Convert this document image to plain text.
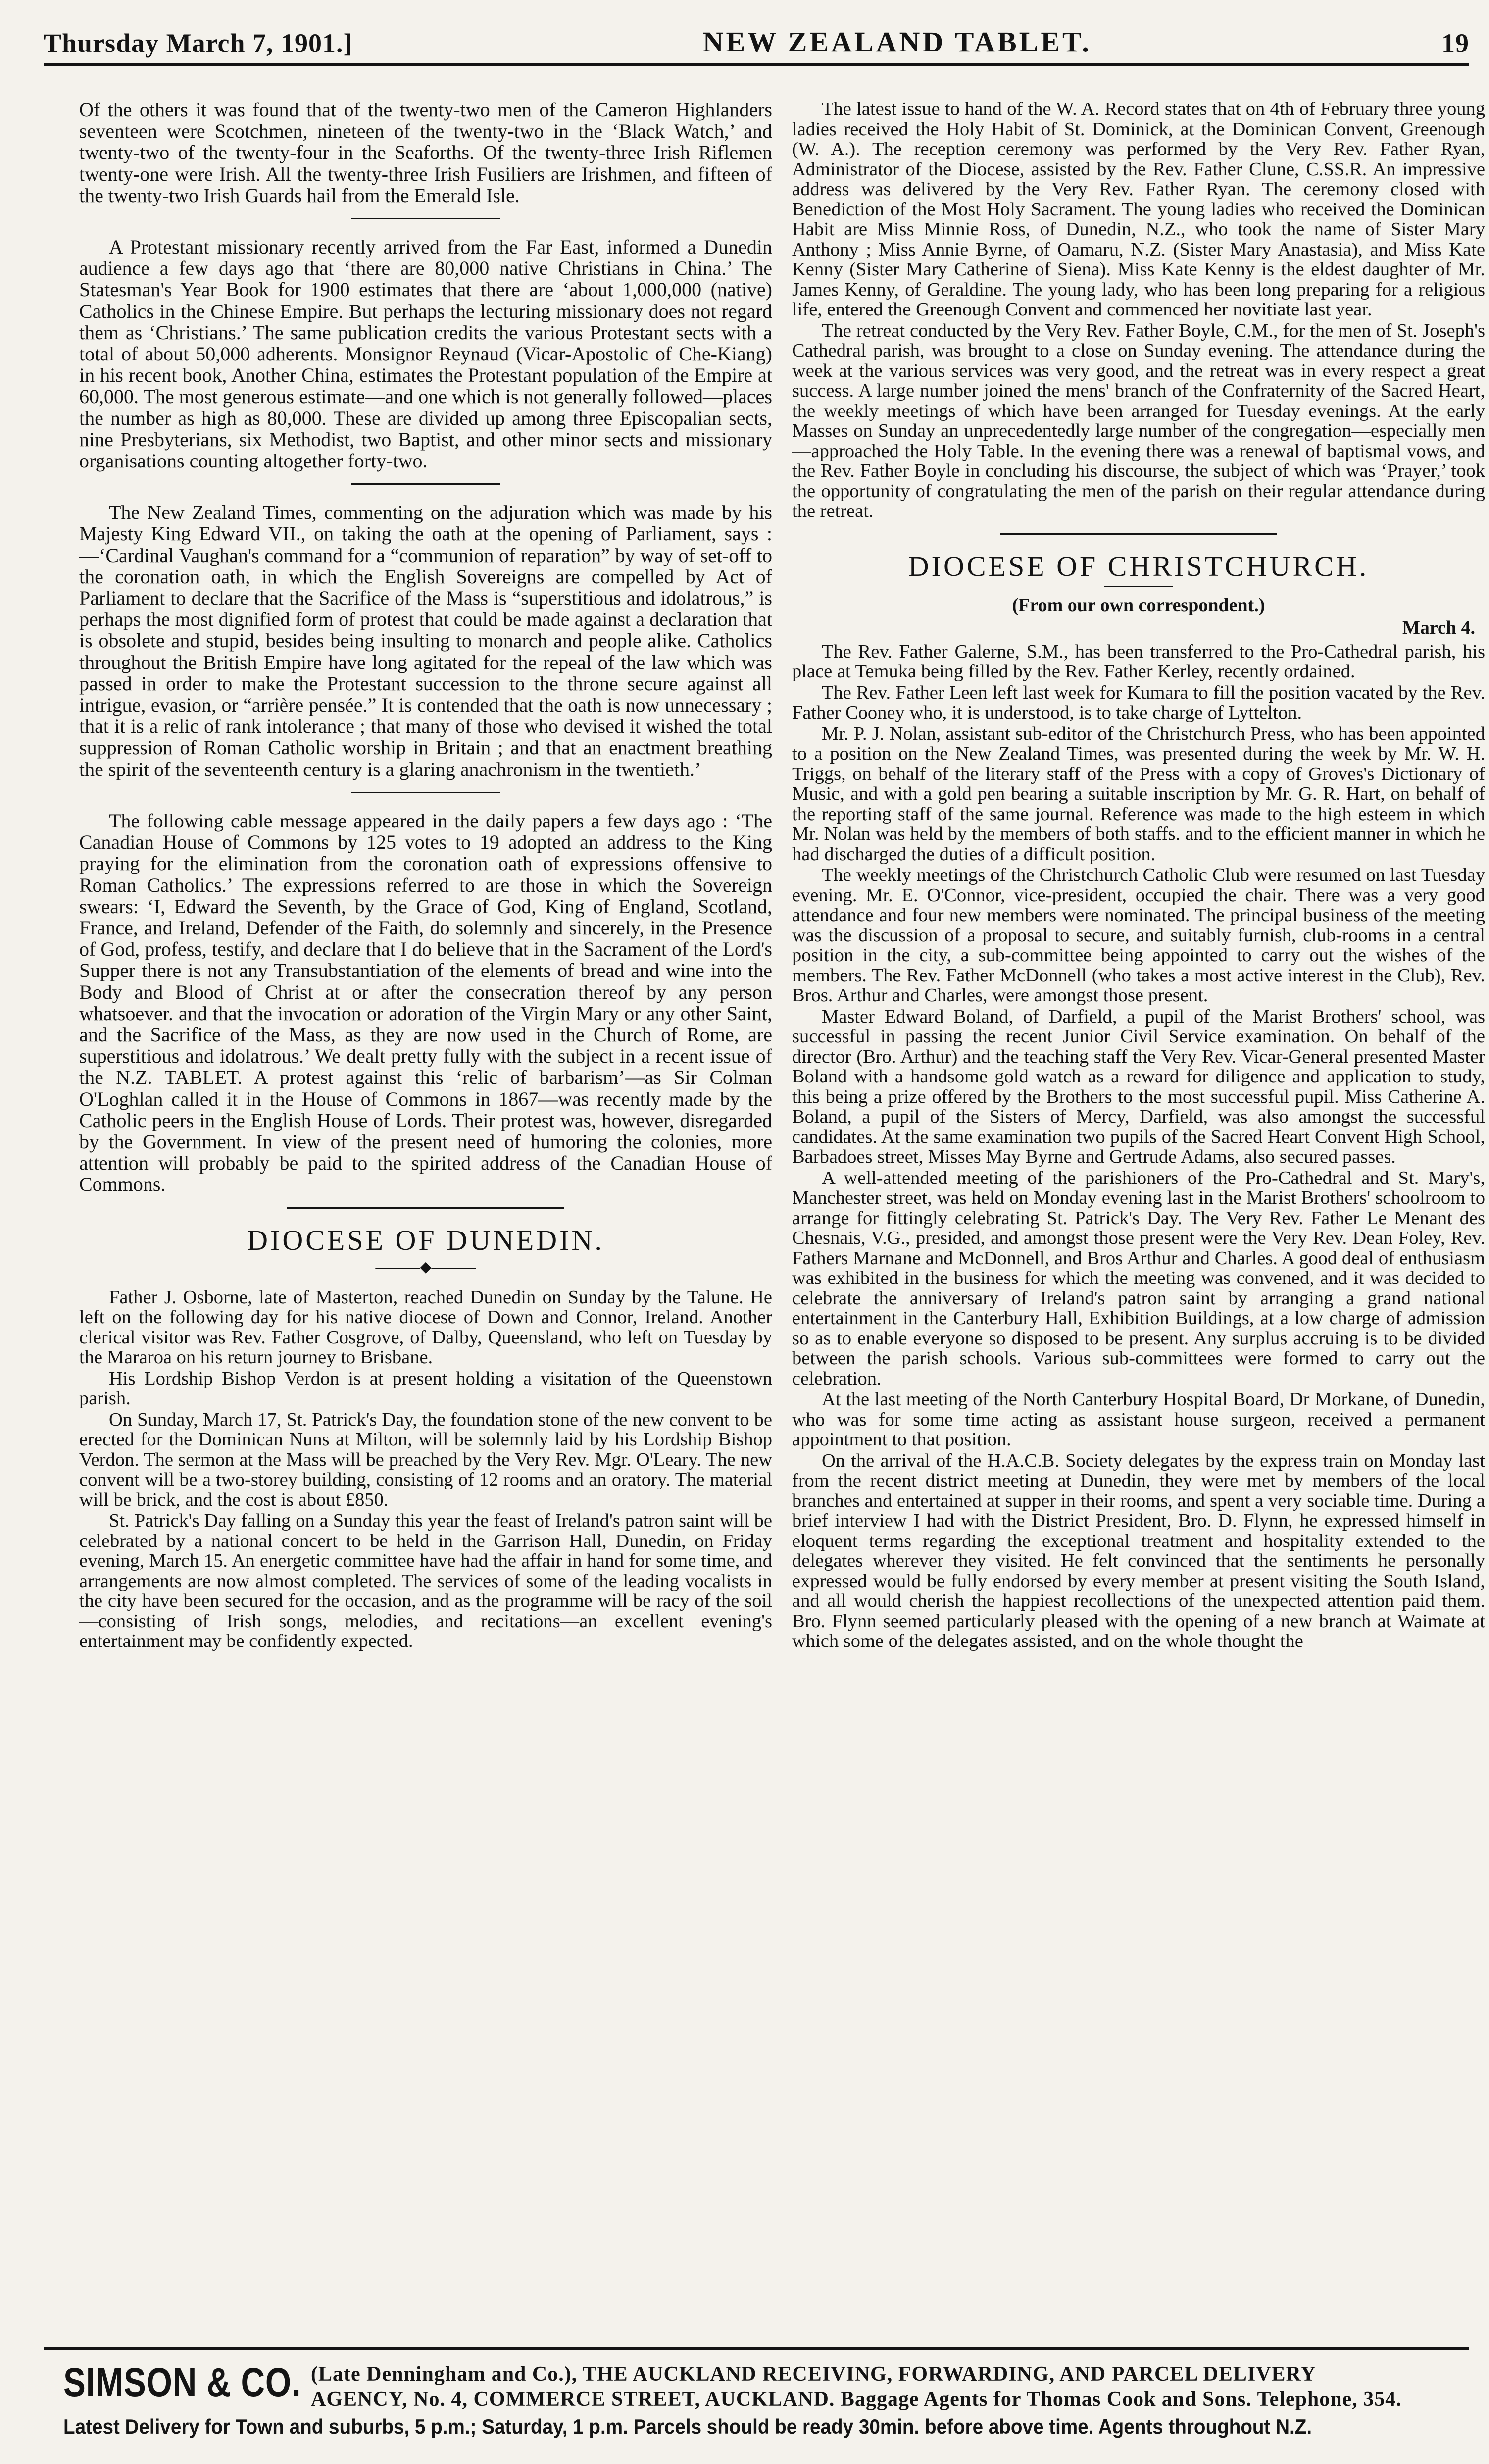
Thursday March 7, 1901.]	NEW ZEALAND TABLET.	19

Of the others it was found that of the twenty-two men of the Cameron Highlanders seventeen were Scotchmen, nineteen of the twenty-two in the ‘Black Watch,’ and twenty-two of the twenty-four in the Seaforths. Of the twenty-three Irish Riflemen twenty-one were Irish. All the twenty-three Irish Fusiliers are Irishmen, and fifteen of the twenty-two Irish Guards hail from the Emerald Isle.

A Protestant missionary recently arrived from the Far East, informed a Dunedin audience a few days ago that ‘there are 80,000 native Christians in China.’ The Statesman's Year Book for 1900 estimates that there are ‘about 1,000,000 (native) Catholics in the Chinese Empire. But perhaps the lecturing missionary does not regard them as ‘Christians.’ The same publication credits the various Protestant sects with a total of about 50,000 adherents. Monsignor Reynaud (Vicar-Apostolic of Che-Kiang) in his recent book, Another China, estimates the Protestant population of the Empire at 60,000. The most generous estimate—and one which is not generally followed—places the number as high as 80,000. These are divided up among three Episcopalian sects, nine Presbyterians, six Methodist, two Baptist, and other minor sects and missionary organisations counting altogether forty-two.

The New Zealand Times, commenting on the adjuration which was made by his Majesty King Edward VII., on taking the oath at the opening of Parliament, says :—‘Cardinal Vaughan's command for a “communion of reparation” by way of set-off to the coronation oath, in which the English Sovereigns are compelled by Act of Parliament to declare that the Sacrifice of the Mass is “superstitious and idolatrous,” is perhaps the most dignified form of protest that could be made against a declaration that is obsolete and stupid, besides being insulting to monarch and people alike. Catholics throughout the British Empire have long agitated for the repeal of the law which was passed in order to make the Protestant succession to the throne secure against all intrigue, evasion, or “arrière pensée.” It is contended that the oath is now unnecessary ; that it is a relic of rank intolerance ; that many of those who devised it wished the total suppression of Roman Catholic worship in Britain ; and that an enactment breathing the spirit of the seventeenth century is a glaring anachronism in the twentieth.’

The following cable message appeared in the daily papers a few days ago : ‘The Canadian House of Commons by 125 votes to 19 adopted an address to the King praying for the elimination from the coronation oath of expressions offensive to Roman Catholics.’ The expressions referred to are those in which the Sovereign swears: ‘I, Edward the Seventh, by the Grace of God, King of England, Scotland, France, and Ireland, Defender of the Faith, do solemnly and sincerely, in the Presence of God, profess, testify, and declare that I do believe that in the Sacrament of the Lord's Supper there is not any Transubstantiation of the elements of bread and wine into the Body and Blood of Christ at or after the consecration thereof by any person whatsoever. and that the invocation or adoration of the Virgin Mary or any other Saint, and the Sacrifice of the Mass, as they are now used in the Church of Rome, are superstitious and idolatrous.’ We dealt pretty fully with the subject in a recent issue of the N.Z. TABLET. A protest against this ‘relic of barbarism’—as Sir Colman O'Loghlan called it in the House of Commons in 1867—was recently made by the Catholic peers in the English House of Lords. Their protest was, however, disregarded by the Government. In view of the present need of humoring the colonies, more attention will probably be paid to the spirited address of the Canadian House of Commons.

DIOCESE OF DUNEDIN.
———◆———

Father J. Osborne, late of Masterton, reached Dunedin on Sunday by the Talune. He left on the following day for his native diocese of Down and Connor, Ireland. Another clerical visitor was Rev. Father Cosgrove, of Dalby, Queensland, who left on Tuesday by the Mararoa on his return journey to Brisbane.

His Lordship Bishop Verdon is at present holding a visitation of the Queenstown parish.

On Sunday, March 17, St. Patrick's Day, the foundation stone of the new convent to be erected for the Dominican Nuns at Milton, will be solemnly laid by his Lordship Bishop Verdon. The sermon at the Mass will be preached by the Very Rev. Mgr. O'Leary. The new convent will be a two-storey building, consisting of 12 rooms and an oratory. The material will be brick, and the cost is about £850.

St. Patrick's Day falling on a Sunday this year the feast of Ireland's patron saint will be celebrated by a national concert to be held in the Garrison Hall, Dunedin, on Friday evening, March 15. An energetic committee have had the affair in hand for some time, and arrangements are now almost completed. The services of some of the leading vocalists in the city have been secured for the occasion, and as the programme will be racy of the soil—consisting of Irish songs, melodies, and recitations—an excellent evening's entertainment may be confidently expected.

The latest issue to hand of the W. A. Record states that on 4th of February three young ladies received the Holy Habit of St. Dominick, at the Dominican Convent, Greenough (W. A.). The reception ceremony was performed by the Very Rev. Father Ryan, Administrator of the Diocese, assisted by the Rev. Father Clune, C.SS.R. An impressive address was delivered by the Very Rev. Father Ryan. The ceremony closed with Benediction of the Most Holy Sacrament. The young ladies who received the Dominican Habit are Miss Minnie Ross, of Dunedin, N.Z., who took the name of Sister Mary Anthony ; Miss Annie Byrne, of Oamaru, N.Z. (Sister Mary Anastasia), and Miss Kate Kenny (Sister Mary Catherine of Siena). Miss Kate Kenny is the eldest daughter of Mr. James Kenny, of Geraldine. The young lady, who has been long preparing for a religious life, entered the Greenough Convent and commenced her novitiate last year.

The retreat conducted by the Very Rev. Father Boyle, C.M., for the men of St. Joseph's Cathedral parish, was brought to a close on Sunday evening. The attendance during the week at the various services was very good, and the retreat was in every respect a great success. A large number joined the mens' branch of the Confraternity of the Sacred Heart, the weekly meetings of which have been arranged for Tuesday evenings. At the early Masses on Sunday an unprecedentedly large number of the congregation—especially men—approached the Holy Table. In the evening there was a renewal of baptismal vows, and the Rev. Father Boyle in concluding his discourse, the subject of which was ‘Prayer,’ took the opportunity of congratulating the men of the parish on their regular attendance during the retreat.

DIOCESE OF CHRISTCHURCH.
(From our own correspondent.)
March 4.

The Rev. Father Galerne, S.M., has been transferred to the Pro-Cathedral parish, his place at Temuka being filled by the Rev. Father Kerley, recently ordained.

The Rev. Father Leen left last week for Kumara to fill the position vacated by the Rev. Father Cooney who, it is understood, is to take charge of Lyttelton.

Mr. P. J. Nolan, assistant sub-editor of the Christchurch Press, who has been appointed to a position on the New Zealand Times, was presented during the week by Mr. W. H. Triggs, on behalf of the literary staff of the Press with a copy of Groves's Dictionary of Music, and with a gold pen bearing a suitable inscription by Mr. G. R. Hart, on behalf of the reporting staff of the same journal. Reference was made to the high esteem in which Mr. Nolan was held by the members of both staffs. and to the efficient manner in which he had discharged the duties of a difficult position.

The weekly meetings of the Christchurch Catholic Club were resumed on last Tuesday evening. Mr. E. O'Connor, vice-president, occupied the chair. There was a very good attendance and four new members were nominated. The principal business of the meeting was the discussion of a proposal to secure, and suitably furnish, club-rooms in a central position in the city, a sub-committee being appointed to carry out the wishes of the members. The Rev. Father McDonnell (who takes a most active interest in the Club), Rev. Bros. Arthur and Charles, were amongst those present.

Master Edward Boland, of Darfield, a pupil of the Marist Brothers' school, was successful in passing the recent Junior Civil Service examination. On behalf of the director (Bro. Arthur) and the teaching staff the Very Rev. Vicar-General presented Master Boland with a handsome gold watch as a reward for diligence and application to study, this being a prize offered by the Brothers to the most successful pupil. Miss Catherine A. Boland, a pupil of the Sisters of Mercy, Darfield, was also amongst the successful candidates. At the same examination two pupils of the Sacred Heart Convent High School, Barbadoes street, Misses May Byrne and Gertrude Adams, also secured passes.

A well-attended meeting of the parishioners of the Pro-Cathedral and St. Mary's, Manchester street, was held on Monday evening last in the Marist Brothers' schoolroom to arrange for fittingly celebrating St. Patrick's Day. The Very Rev. Father Le Menant des Chesnais, V.G., presided, and amongst those present were the Very Rev. Dean Foley, Rev. Fathers Marnane and McDonnell, and Bros Arthur and Charles. A good deal of enthusiasm was exhibited in the business for which the meeting was convened, and it was decided to celebrate the anniversary of Ireland's patron saint by arranging a grand national entertainment in the Canterbury Hall, Exhibition Buildings, at a low charge of admission so as to enable everyone so disposed to be present. Any surplus accruing is to be divided between the parish schools. Various sub-committees were formed to carry out the celebration.

At the last meeting of the North Canterbury Hospital Board, Dr Morkane, of Dunedin, who was for some time acting as assistant house surgeon, received a permanent appointment to that position.

On the arrival of the H.A.C.B. Society delegates by the express train on Monday last from the recent district meeting at Dunedin, they were met by members of the local branches and entertained at supper in their rooms, and spent a very sociable time. During a brief interview I had with the District President, Bro. D. Flynn, he expressed himself in eloquent terms regarding the exceptional treatment and hospitality extended to the delegates wherever they visited. He felt convinced that the sentiments he personally expressed would be fully endorsed by every member at present visiting the South Island, and all would cherish the happiest recollections of the unexpected attention paid them. Bro. Flynn seemed particularly pleased with the opening of a new branch at Waimate at which some of the delegates assisted, and on the whole thought the

SIMSON & CO. (Late Denningham and Co.), THE AUCKLAND RECEIVING, FORWARDING, AND PARCEL DELIVERY
AGENCY, No. 4, COMMERCE STREET, AUCKLAND. Baggage Agents for Thomas Cook and Sons. Telephone, 354.
Latest Delivery for Town and suburbs, 5 p.m.; Saturday, 1 p.m. Parcels should be ready 30min. before above time. Agents throughout N.Z.
